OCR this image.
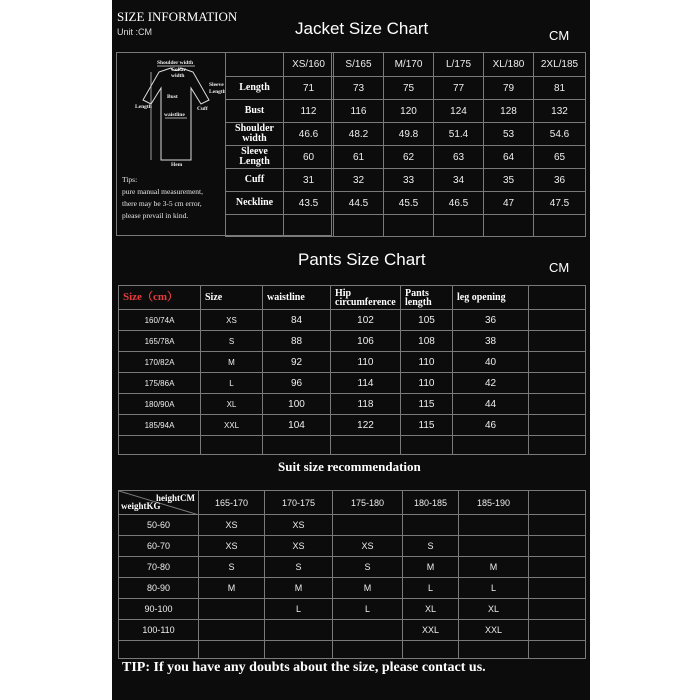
SIZE INFORMATION
Unit :CM	Jacket Size Chart	CM
Shoulder width
Collar
width
Sleeve
Length
Bust
Cuff
Length
waistline
Hem
Tips:
pure manual measurement,
there may be 3-5 cm error,
please prevail in kind.
	XS/160	S/165	M/170	L/175	XL/180	2XL/185
Length	71	73	75	77	79	81
Bust	112	116	120	124	128	132
Shoulder width	46.6	48.2	49.8	51.4	53	54.6
Sleeve Length	60	61	62	63	64	65
Cuff	31	32	33	34	35	36
Neckline	43.5	44.5	45.5	46.5	47	47.5

Pants Size Chart	CM
Size（cm）	Size	waistline	Hip circumference	Pants length	leg opening	
160/74A	XS	84	102	105	36	
165/78A	S	88	106	108	38	
170/82A	M	92	110	110	40	
175/86A	L	96	114	110	42	
180/90A	XL	100	118	115	44	
185/94A	XXL	104	122	115	46	

Suit size recommendation
heightCM
weightKG	165-170	170-175	175-180	180-185	185-190	
50-60	XS	XS				
60-70	XS	XS	XS	S		
70-80	S	S	S	M	M	
80-90	M	M	M	L	L	
90-100		L	L	XL	XL	
100-110				XXL	XXL	

TIP: If you have any doubts about the size, please contact us.
